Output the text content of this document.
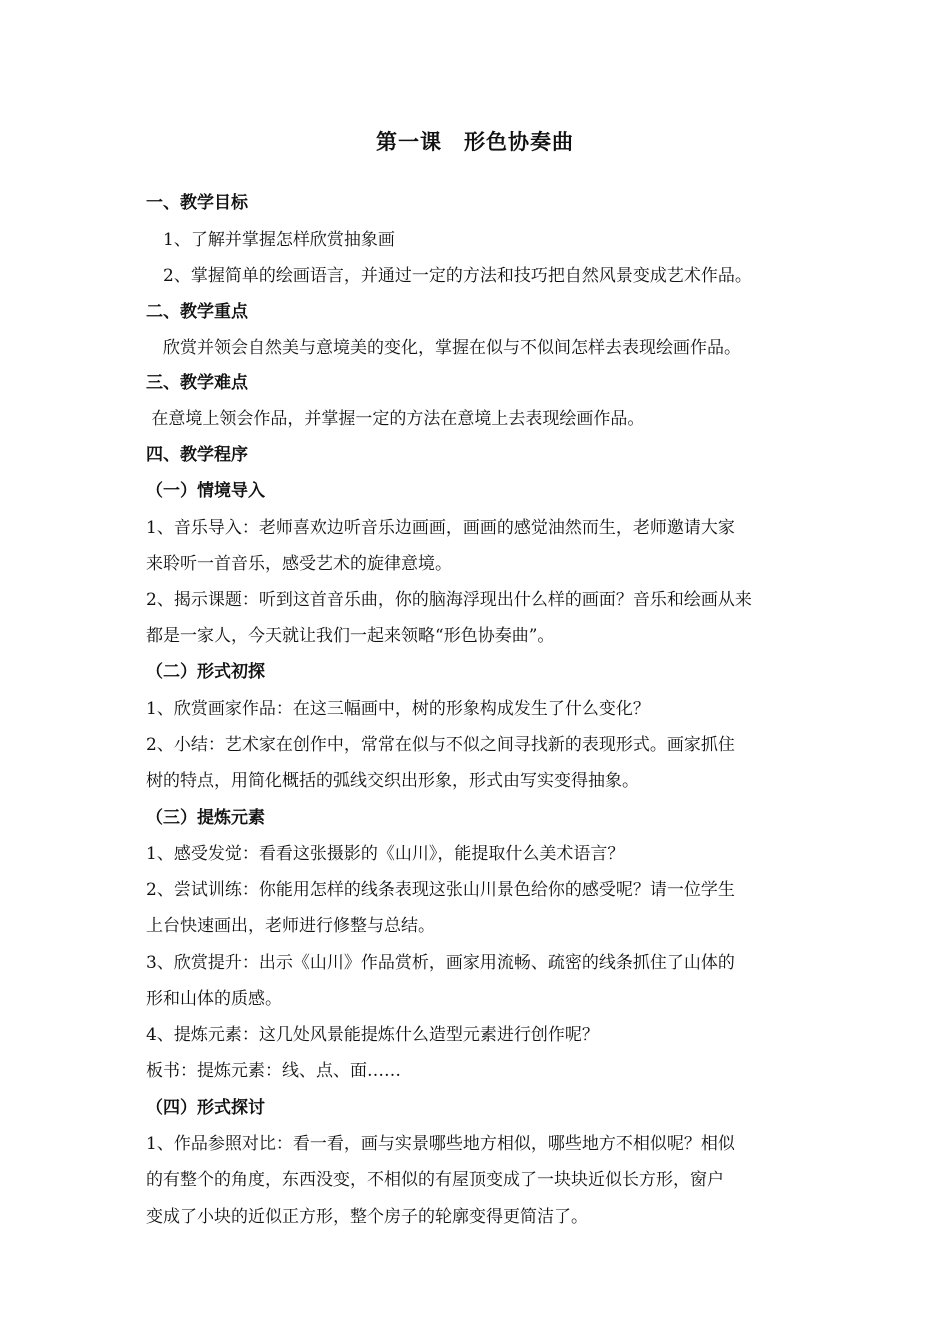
第一课　形色协奏曲
一、教学目标
　1、了解并掌握怎样欣赏抽象画
　2、掌握简单的绘画语言，并通过一定的方法和技巧把自然风景变成艺术作品。
二、教学重点
　欣赏并领会自然美与意境美的变化，掌握在似与不似间怎样去表现绘画作品。
三、教学难点
在意境上领会作品，并掌握一定的方法在意境上去表现绘画作品。
四、教学程序
（一）情境导入
1、音乐导入：老师喜欢边听音乐边画画，画画的感觉油然而生，老师邀请大家
来聆听一首音乐，感受艺术的旋律意境。
2、揭示课题：听到这首音乐曲，你的脑海浮现出什么样的画面？音乐和绘画从来
都是一家人，今天就让我们一起来领略“形色协奏曲”。
（二）形式初探
1、欣赏画家作品：在这三幅画中，树的形象构成发生了什么变化？
2、小结：艺术家在创作中，常常在似与不似之间寻找新的表现形式。画家抓住
树的特点，用简化概括的弧线交织出形象，形式由写实变得抽象。
（三）提炼元素
1、感受发觉：看看这张摄影的《山川》，能提取什么美术语言？
2、尝试训练：你能用怎样的线条表现这张山川景色给你的感受呢？请一位学生
上台快速画出，老师进行修整与总结。
3、欣赏提升：出示《山川》作品赏析，画家用流畅、疏密的线条抓住了山体的
形和山体的质感。
4、提炼元素：这几处风景能提炼什么造型元素进行创作呢？
板书：提炼元素：线、点、面……
（四）形式探讨
1、作品参照对比：看一看，画与实景哪些地方相似，哪些地方不相似呢？相似
的有整个的角度，东西没变，不相似的有屋顶变成了一块块近似长方形，窗户
变成了小块的近似正方形，整个房子的轮廓变得更简洁了。
